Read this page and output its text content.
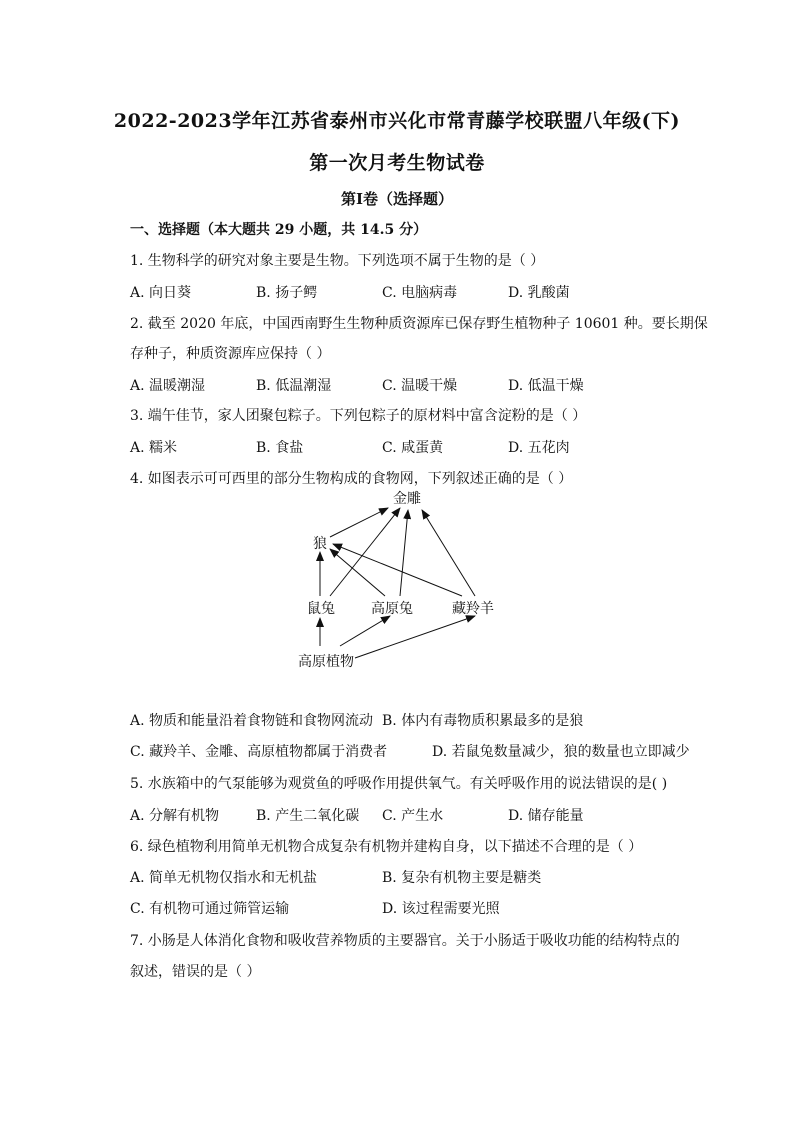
2022-2023学年江苏省泰州市兴化市常青藤学校联盟八年级(下)
第一次月考生物试卷
第Ⅰ卷（选择题）
一、选择题（本大题共 29 小题，共 14.5 分）
1. 生物科学的研究对象主要是生物。下列选项不属于生物的是（ ）
A. 向日葵	B. 扬子鳄	C. 电脑病毒	D. 乳酸菌
2. 截至 2020 年底，中国西南野生生物种质资源库已保存野生植物种子 10601 种。要长期保
存种子，种质资源库应保持（ ）
A. 温暖潮湿	B. 低温潮湿	C. 温暖干燥	D. 低温干燥
3. 端午佳节，家人团聚包粽子。下列包粽子的原材料中富含淀粉的是（ ）
A. 糯米	B. 食盐	C. 咸蛋黄	D. 五花肉
4. 如图表示可可西里的部分生物构成的食物网，下列叙述正确的是（ ）
金雕
狼
鼠兔	高原兔	藏羚羊
高原植物
A. 物质和能量沿着食物链和食物网流动 B. 体内有毒物质积累最多的是狼
C. 藏羚羊、金雕、高原植物都属于消费者	D. 若鼠兔数量减少，狼的数量也立即减少
5. 水族箱中的气泵能够为观赏鱼的呼吸作用提供氧气。有关呼吸作用的说法错误的是( )
A. 分解有机物	B. 产生二氧化碳 C. 产生水	D. 储存能量
6. 绿色植物利用简单无机物合成复杂有机物并建构自身，以下描述不合理的是（ ）
A. 简单无机物仅指水和无机盐	B. 复杂有机物主要是糖类
C. 有机物可通过筛管运输	D. 该过程需要光照
7. 小肠是人体消化食物和吸收营养物质的主要器官。关于小肠适于吸收功能的结构特点的
叙述，错误的是（ ）
